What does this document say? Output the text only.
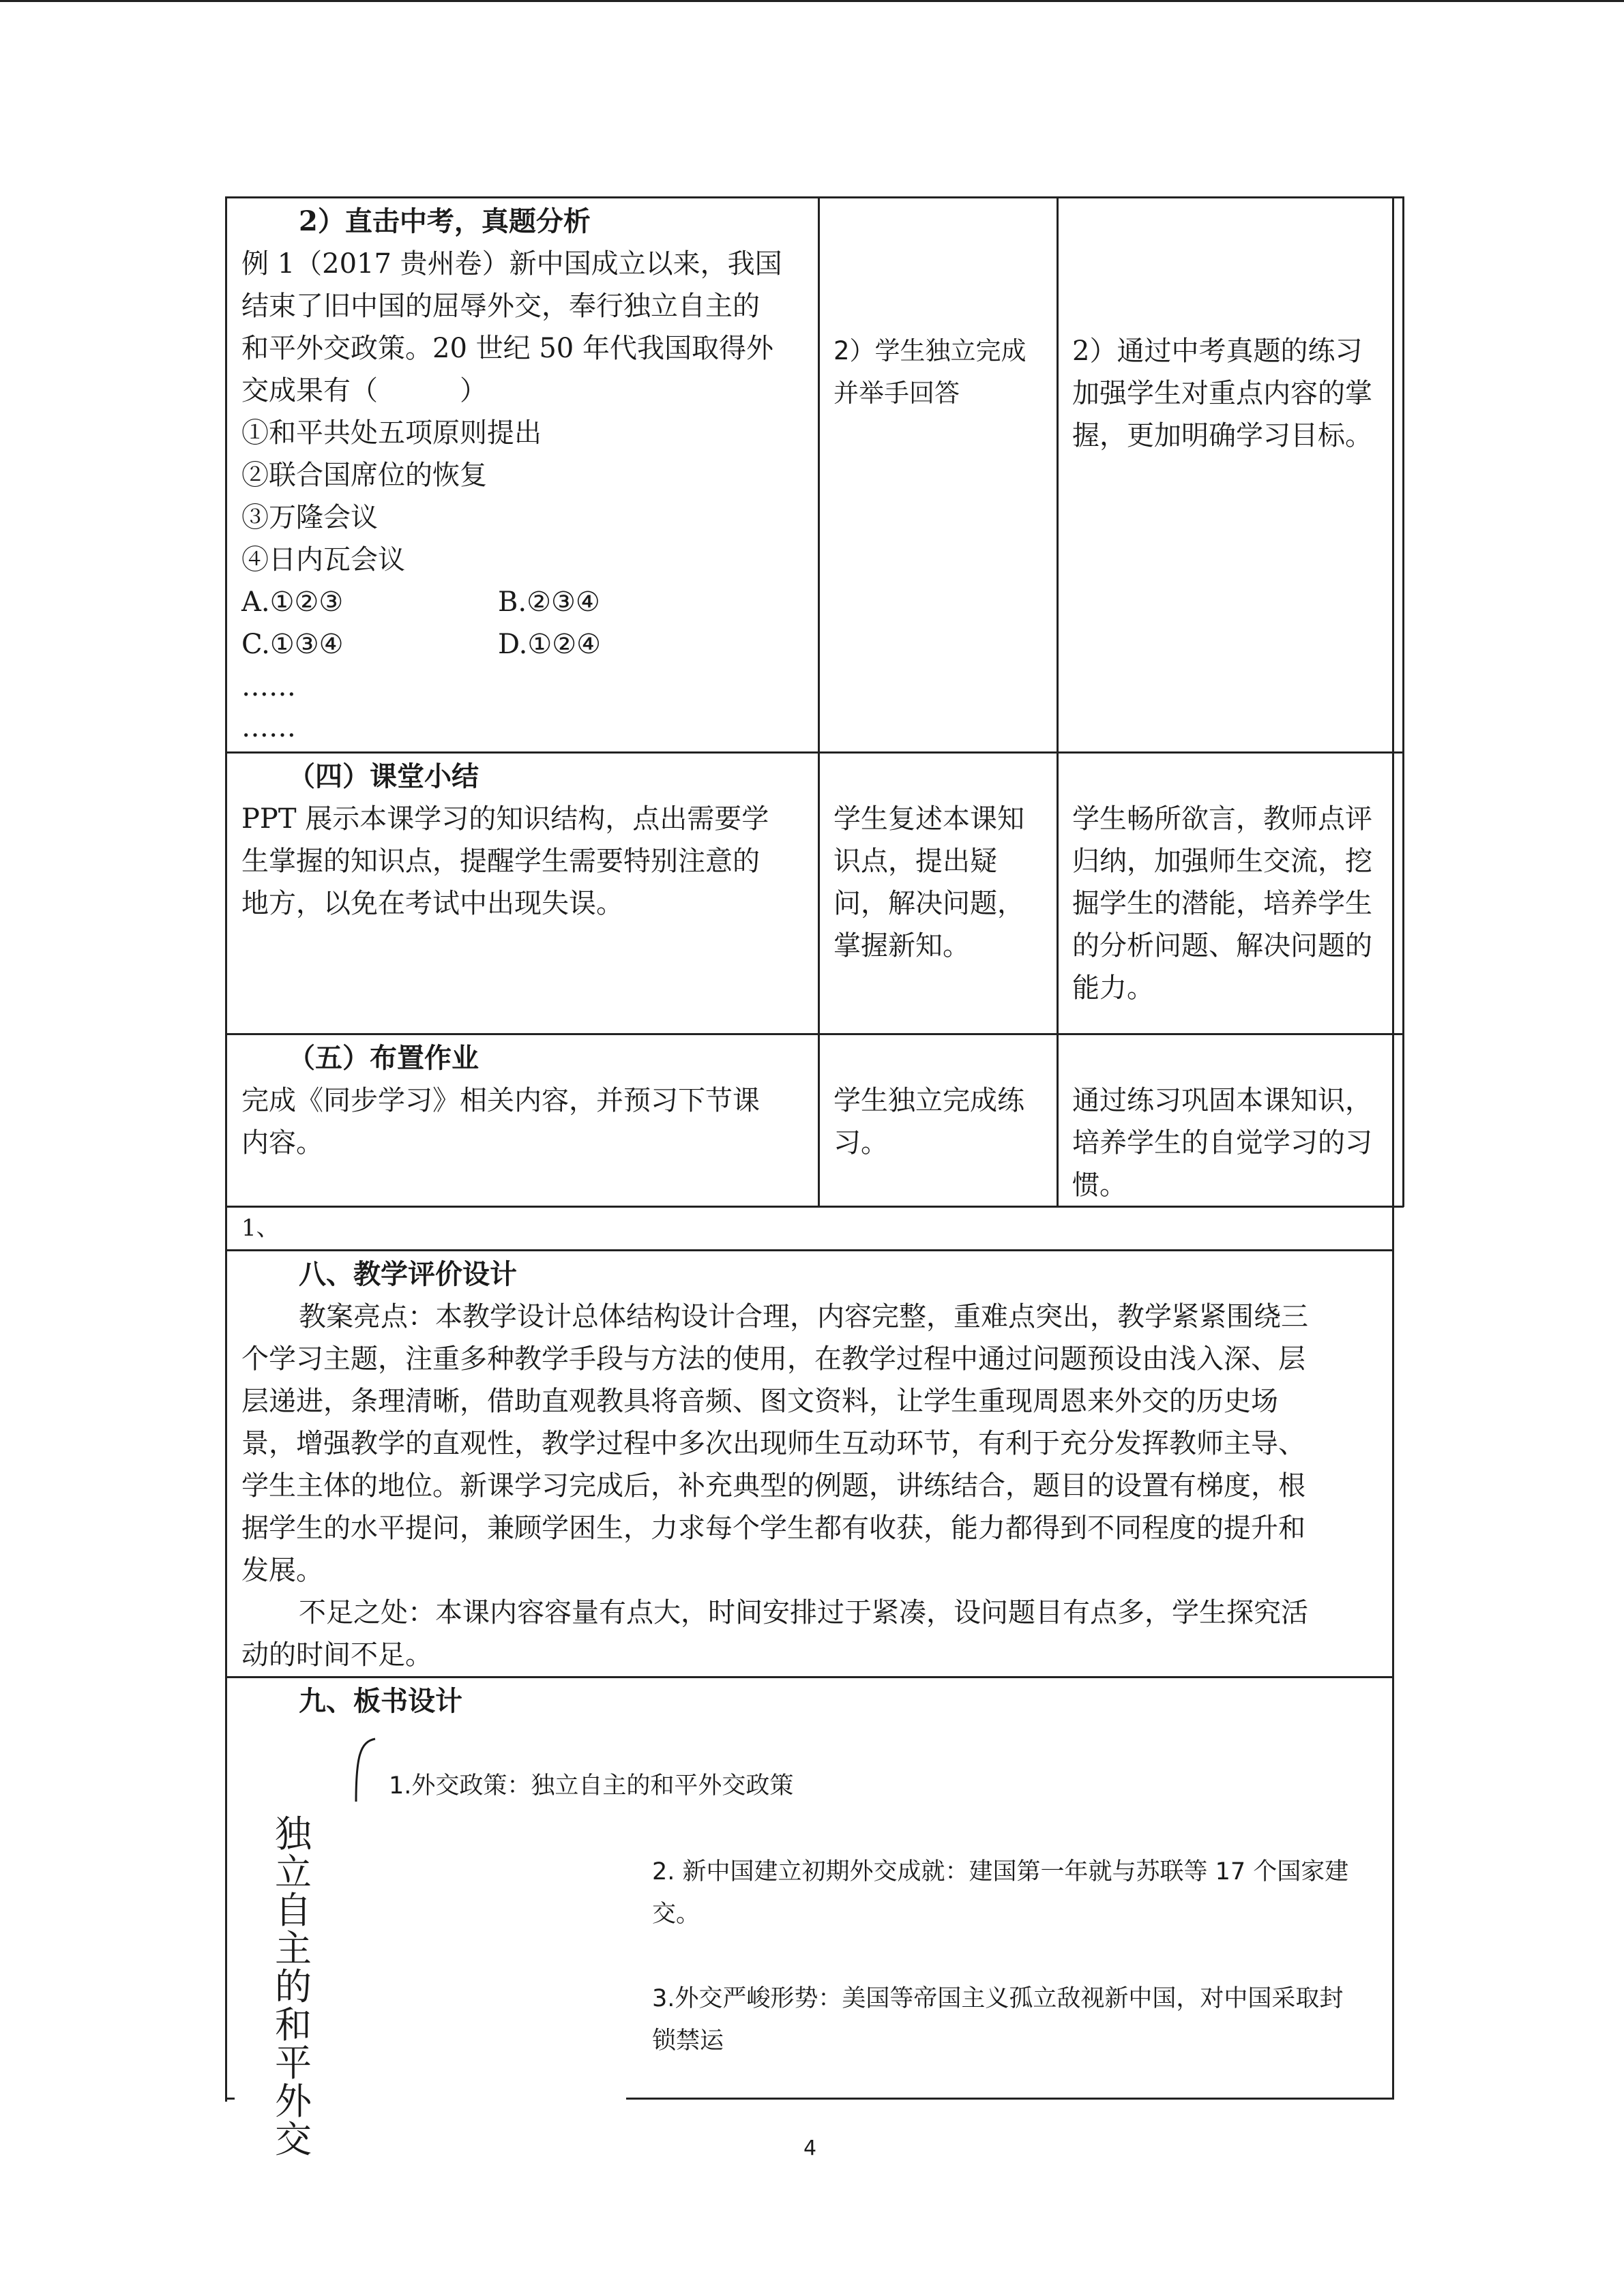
2）直击中考，真题分析
例 1（2017 贵州卷）新中国成立以来，我国
结束了旧中国的屈辱外交，奉行独立自主的
和平外交政策。20 世纪 50 年代我国取得外
交成果有（　　　）
①和平共处五项原则提出
②联合国席位的恢复
③万隆会议
④日内瓦会议
A.①②③	B.②③④
C.①③④	D.①②④
……
……
2）学生独立完成
并举手回答
2）通过中考真题的练习
加强学生对重点内容的掌
握，更加明确学习目标。
（四）课堂小结
PPT 展示本课学习的知识结构，点出需要学
生掌握的知识点，提醒学生需要特别注意的
地方，以免在考试中出现失误。
学生复述本课知
识点，提出疑
问，解决问题，
掌握新知。
学生畅所欲言，教师点评
归纳，加强师生交流，挖
掘学生的潜能，培养学生
的分析问题、解决问题的
能力。
（五）布置作业
完成《同步学习》相关内容，并预习下节课
内容。
学生独立完成练
习。
通过练习巩固本课知识，
培养学生的自觉学习的习
惯。
1、
八、教学评价设计
教案亮点：本教学设计总体结构设计合理，内容完整，重难点突出，教学紧紧围绕三
个学习主题，注重多种教学手段与方法的使用，在教学过程中通过问题预设由浅入深、层
层递进，条理清晰，借助直观教具将音频、图文资料，让学生重现周恩来外交的历史场
景，增强教学的直观性，教学过程中多次出现师生互动环节，有利于充分发挥教师主导、
学生主体的地位。新课学习完成后，补充典型的例题，讲练结合，题目的设置有梯度，根
据学生的水平提问，兼顾学困生，力求每个学生都有收获，能力都得到不同程度的提升和
发展。
不足之处：本课内容容量有点大，时间安排过于紧凑，设问题目有点多，学生探究活
动的时间不足。
九、板书设计
1.外交政策：独立自主的和平外交政策
独立自主的和平外交
2. 新中国建立初期外交成就：建国第一年就与苏联等 17 个国家建
交。
3.外交严峻形势：美国等帝国主义孤立敌视新中国，对中国采取封
锁禁运
4
